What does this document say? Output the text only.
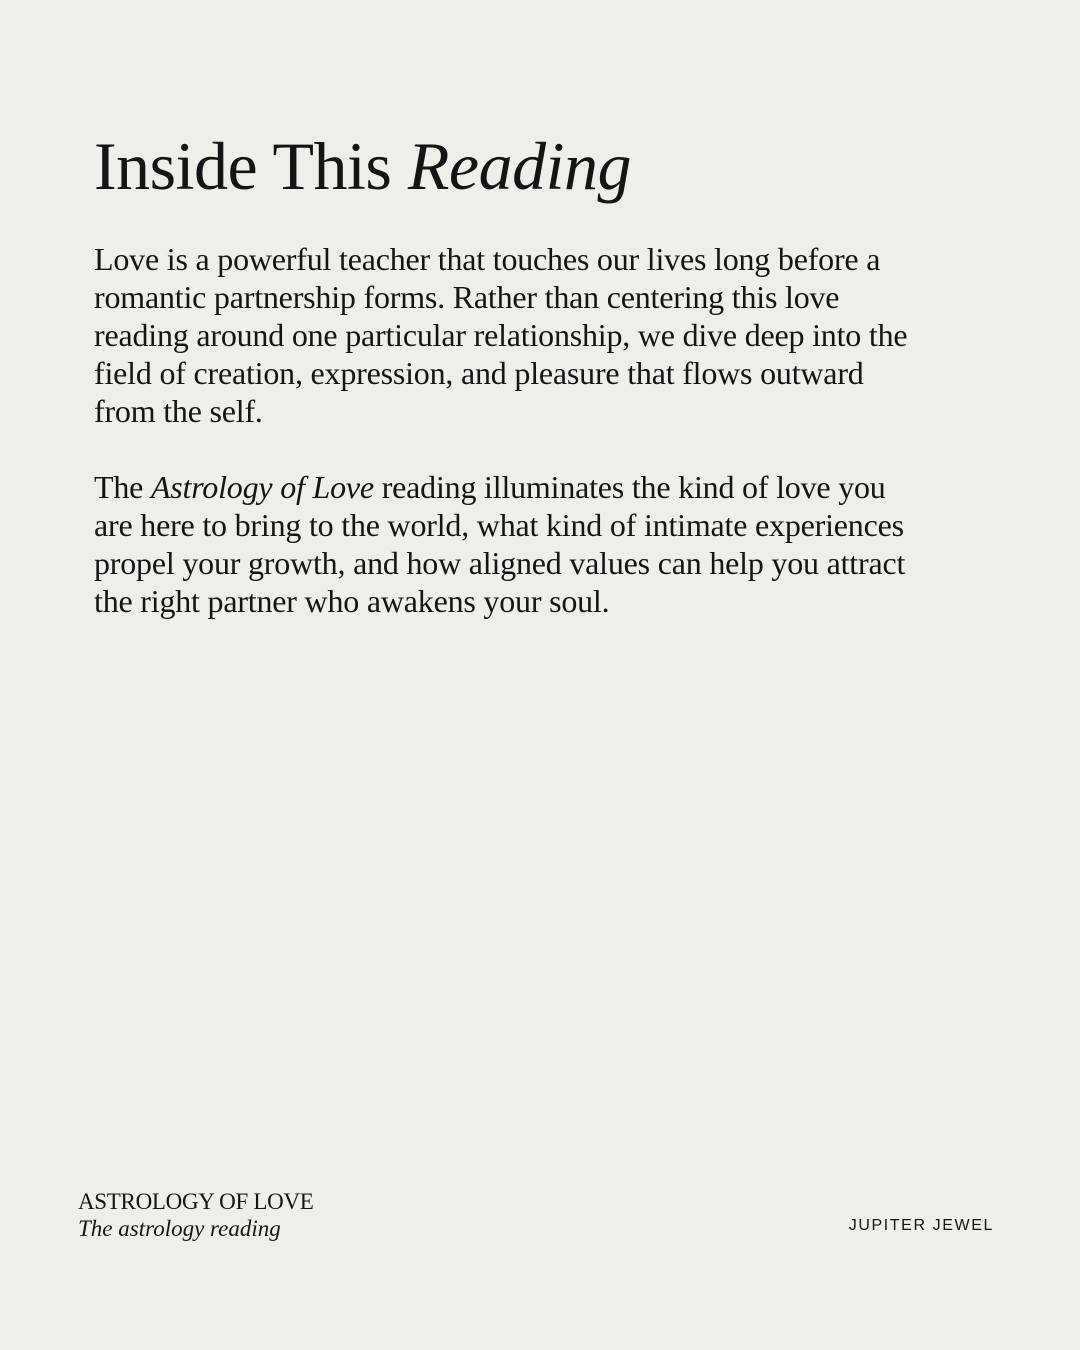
Inside This Reading

Love is a powerful teacher that touches our lives long before a romantic partnership forms. Rather than centering this love reading around one particular relationship, we dive deep into the field of creation, expression, and pleasure that flows outward from the self.

The Astrology of Love reading illuminates the kind of love you are here to bring to the world, what kind of intimate experiences propel your growth, and how aligned values can help you attract the right partner who awakens your soul.

ASTROLOGY OF LOVE
The astrology reading	JUPITER JEWEL
